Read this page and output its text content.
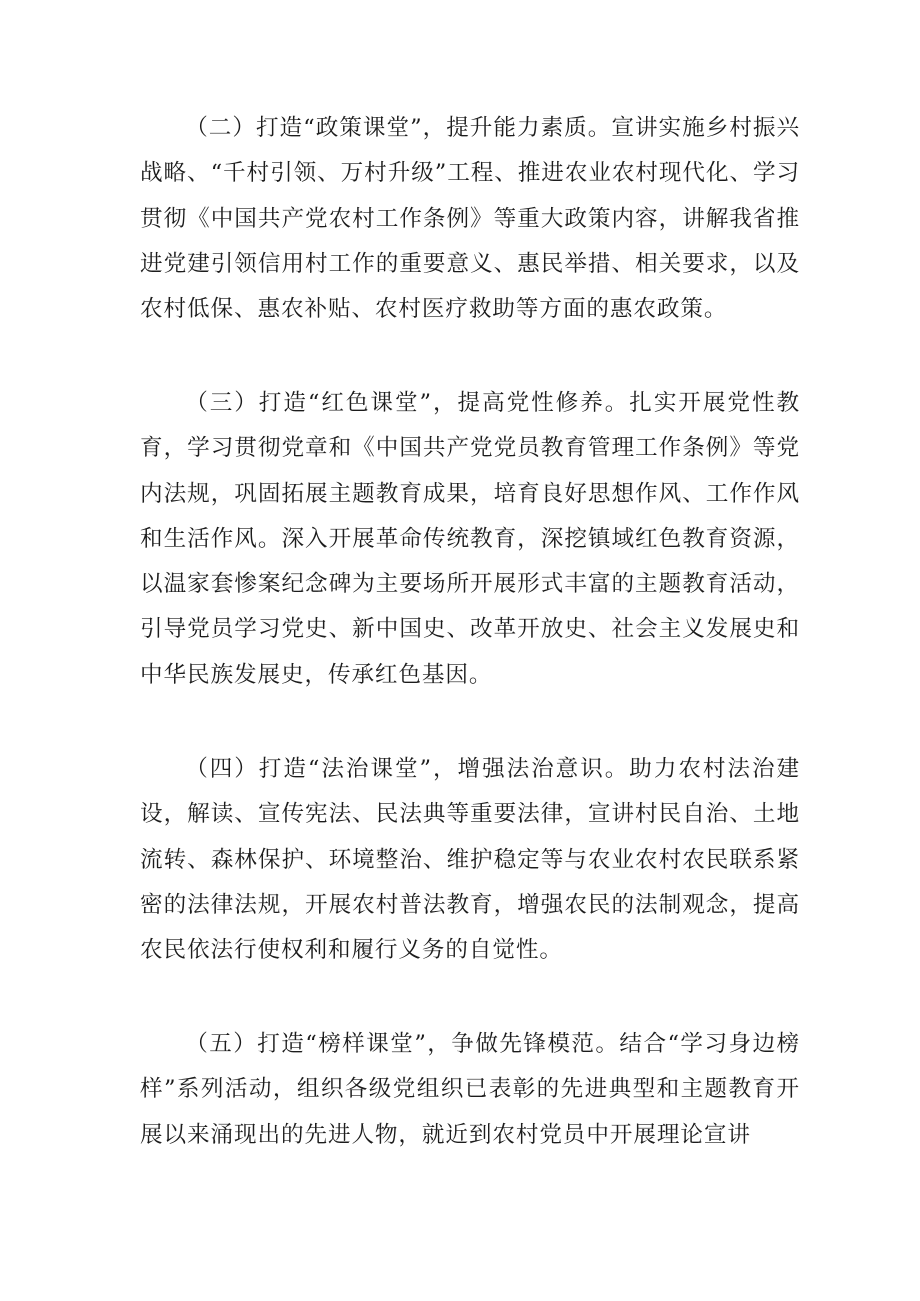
（二）打造“政策课堂”，提升能力素质。宣讲实施乡村振兴战略、“千村引领、万村升级”工程、推进农业农村现代化、学习贯彻《中国共产党农村工作条例》等重大政策内容，讲解我省推进党建引领信用村工作的重要意义、惠民举措、相关要求，以及农村低保、惠农补贴、农村医疗救助等方面的惠农政策。

（三）打造“红色课堂”，提高党性修养。扎实开展党性教育，学习贯彻党章和《中国共产党党员教育管理工作条例》等党内法规，巩固拓展主题教育成果，培育良好思想作风、工作作风和生活作风。深入开展革命传统教育，深挖镇域红色教育资源，以温家套惨案纪念碑为主要场所开展形式丰富的主题教育活动，引导党员学习党史、新中国史、改革开放史、社会主义发展史和中华民族发展史，传承红色基因。

（四）打造“法治课堂”，增强法治意识。助力农村法治建设，解读、宣传宪法、民法典等重要法律，宣讲村民自治、土地流转、森林保护、环境整治、维护稳定等与农业农村农民联系紧密的法律法规，开展农村普法教育，增强农民的法制观念，提高农民依法行使权利和履行义务的自觉性。

（五）打造“榜样课堂”，争做先锋模范。结合“学习身边榜样”系列活动，组织各级党组织已表彰的先进典型和主题教育开展以来涌现出的先进人物，就近到农村党员中开展理论宣讲
